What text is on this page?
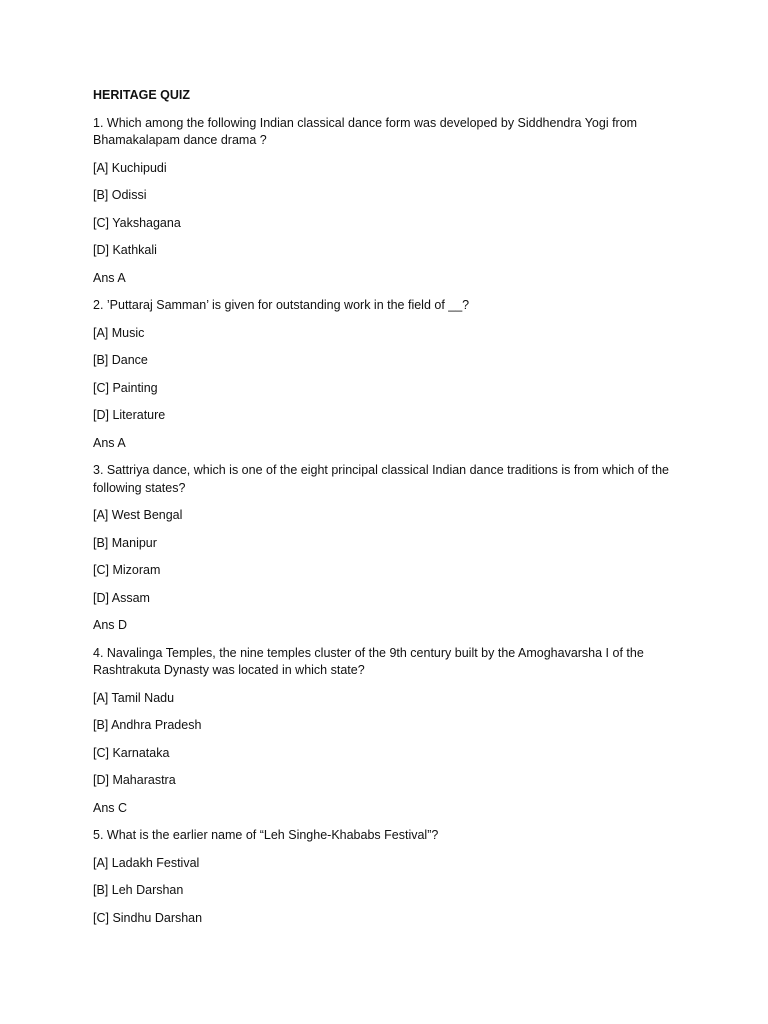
HERITAGE QUIZ
1. Which among the following Indian classical dance form was developed by Siddhendra Yogi from Bhamakalapam dance drama ?
[A] Kuchipudi
[B] Odissi
[C] Yakshagana
[D] Kathkali
Ans A
2. ’Puttaraj Samman’ is given for outstanding work in the field of __?
[A] Music
[B] Dance
[C] Painting
[D] Literature
Ans A
3. Sattriya dance, which is one of the eight principal classical Indian dance traditions is from which of the following states?
[A] West Bengal
[B] Manipur
[C] Mizoram
[D] Assam
Ans D
4. Navalinga Temples, the nine temples cluster of the 9th century built by the Amoghavarsha I of the Rashtrakuta Dynasty was located in which state?
[A] Tamil Nadu
[B] Andhra Pradesh
[C] Karnataka
[D] Maharastra
Ans C
5. What is the earlier name of “Leh Singhe-Khababs Festival”?
[A] Ladakh Festival
[B] Leh Darshan
[C] Sindhu Darshan
